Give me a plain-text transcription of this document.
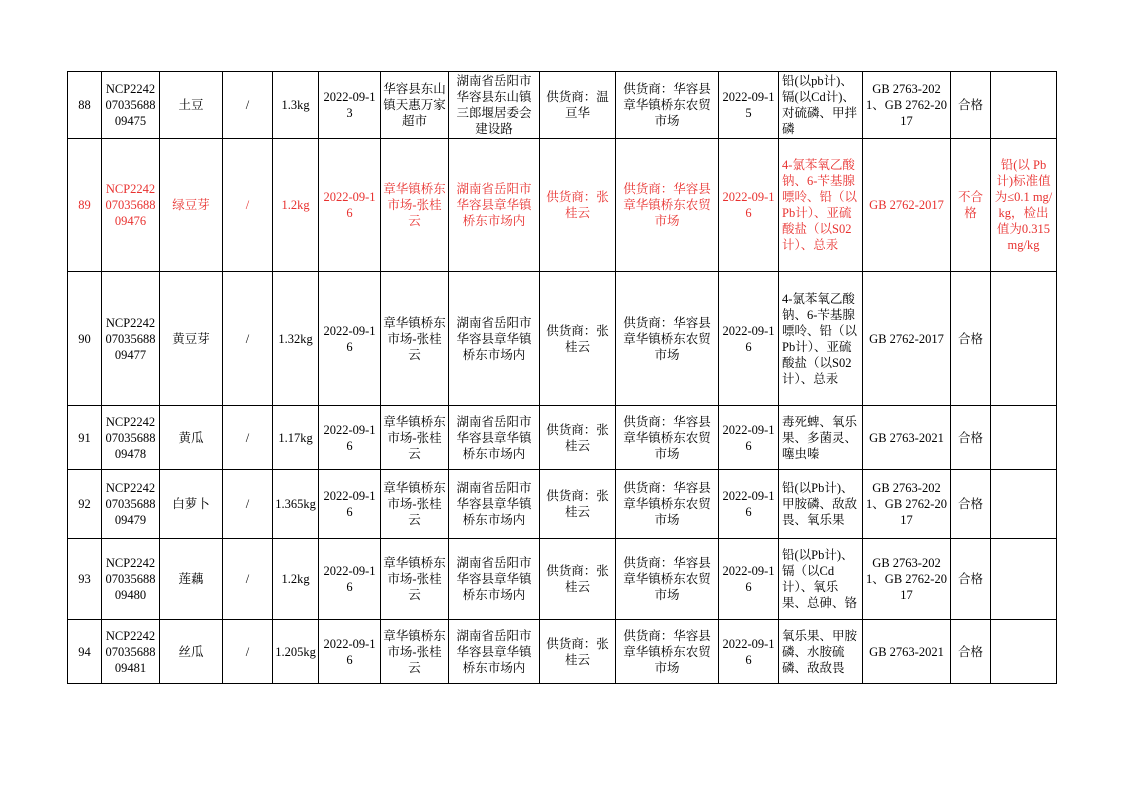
88	NCP224207035688 09475	土豆	/	1.3kg	2022-09-13	华容县东山镇天惠万家超市	湖南省岳阳市华容县东山镇三郎堰居委会建设路	供货商：温亘华	供货商：华容县章华镇桥东农贸市场	2022-09-15	铅(以pb计)、镉(以Cd计)、对硫磷、甲拌磷	GB 2763-2021、GB 2762-2017	合格	
89	NCP224207035688 09476	绿豆芽	/	1.2kg	2022-09-16	章华镇桥东市场-张桂云	湖南省岳阳市华容县章华镇桥东市场内	供货商：张桂云	供货商：华容县章华镇桥东农贸市场	2022-09-16	4-氯苯氧乙酸钠、6-苄基腺嘌呤、铅（以Pb计）、亚硫酸盐（以S02计）、总汞	GB 2762-2017	不合格	铅(以 Pb 计)标准值为≤0.1 mg/kg，检出值为0.315mg/kg
90	NCP224207035688 09477	黄豆芽	/	1.32kg	2022-09-16	章华镇桥东市场-张桂云	湖南省岳阳市华容县章华镇桥东市场内	供货商：张桂云	供货商：华容县章华镇桥东农贸市场	2022-09-16	4-氯苯氧乙酸钠、6-苄基腺嘌呤、铅（以Pb计）、亚硫酸盐（以S02计）、总汞	GB 2762-2017	合格	
91	NCP224207035688 09478	黄瓜	/	1.17kg	2022-09-16	章华镇桥东市场-张桂云	湖南省岳阳市华容县章华镇桥东市场内	供货商：张桂云	供货商：华容县章华镇桥东农贸市场	2022-09-16	毒死蜱、氧乐果、多菌灵、噻虫嗪	GB 2763-2021	合格	
92	NCP224207035688 09479	白萝卜	/	1.365kg	2022-09-16	章华镇桥东市场-张桂云	湖南省岳阳市华容县章华镇桥东市场内	供货商：张桂云	供货商：华容县章华镇桥东农贸市场	2022-09-16	铅(以Pb计)、甲胺磷、敌敌畏、氧乐果	GB 2763-2021、GB 2762-2017	合格	
93	NCP224207035688 09480	莲藕	/	1.2kg	2022-09-16	章华镇桥东市场-张桂云	湖南省岳阳市华容县章华镇桥东市场内	供货商：张桂云	供货商：华容县章华镇桥东农贸市场	2022-09-16	铅(以Pb计)、镉（以Cd计）、氧乐果、总砷、铬	GB 2763-2021、GB 2762-2017	合格	
94	NCP224207035688 09481	丝瓜	/	1.205kg	2022-09-16	章华镇桥东市场-张桂云	湖南省岳阳市华容县章华镇桥东市场内	供货商：张桂云	供货商：华容县章华镇桥东农贸市场	2022-09-16	氧乐果、甲胺磷、水胺硫磷、敌敌畏	GB 2763-2021	合格	
